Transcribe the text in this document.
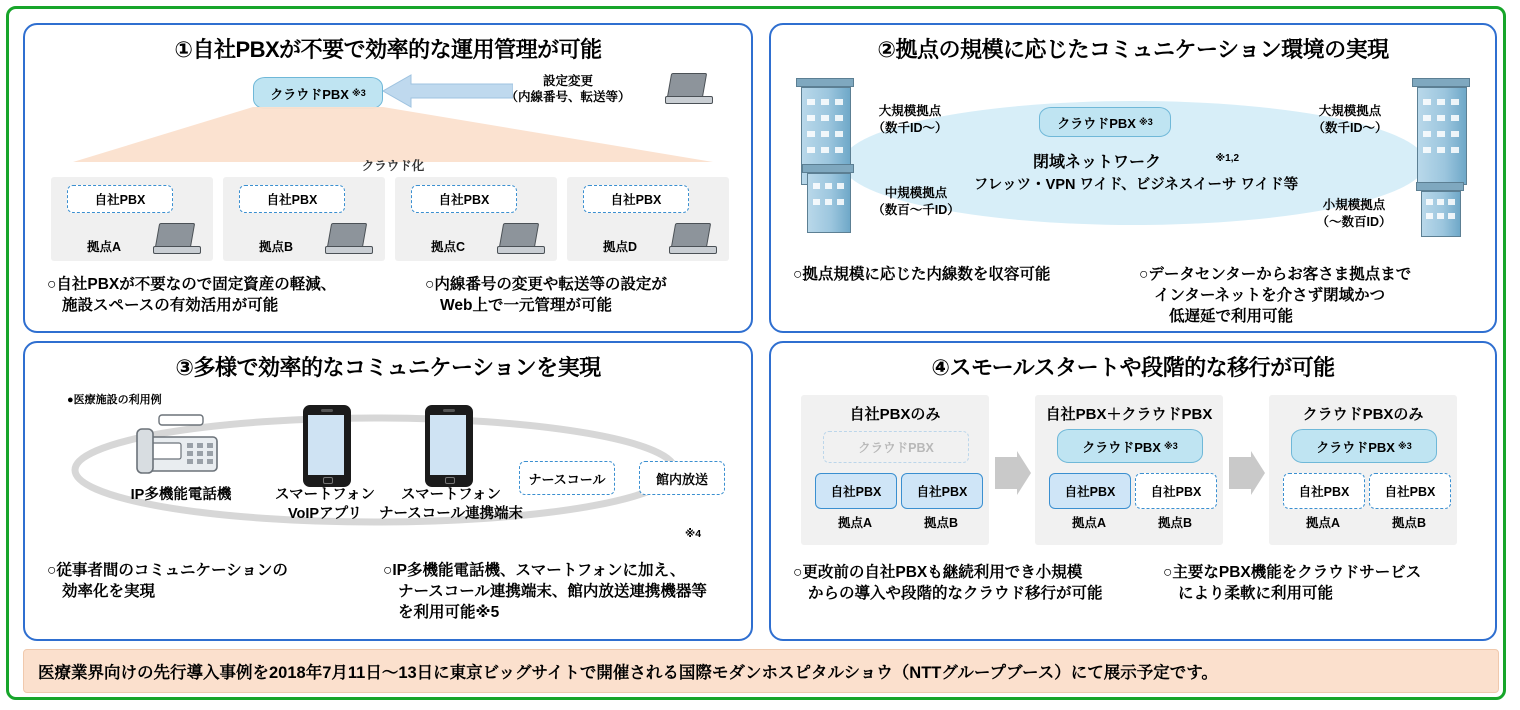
①自社PBXが不要で効率的な運用管理が可能
クラウドPBX ※3
設定変更
（内線番号、転送等）
クラウド化
自社PBX
拠点A
自社PBX
拠点B
自社PBX
拠点C
自社PBX
拠点D
○自社PBXが不要なので固定資産の軽減、
施設スペースの有効活用が可能
○内線番号の変更や転送等の設定が
Web上で一元管理が可能
②拠点の規模に応じたコミュニケーション環境の実現
クラウドPBX ※3
閉域ネットワーク	$^{※1,2}$
フレッツ・VPN ワイド、ビジネスイーサ ワイド等
大規模拠点
（数千ID～）
中規模拠点
（数百～千ID）
大規模拠点
（数千ID～）
小規模拠点
（～数百ID）
○拠点規模に応じた内線数を収容可能	○データセンターからお客さま拠点まで
インターネットを介さず閉域かつ
低遅延で利用可能
③多様で効率的なコミュニケーションを実現
●医療施設の利用例
IP多機能電話機	スマートフォン
VoIPアプリ
スマートフォン
ナースコール連携端末
ナースコール	館内放送
※4
○従事者間のコミュニケーションの
効率化を実現
○IP多機能電話機、スマートフォンに加え、
ナースコール連携端末、館内放送連携機器等
を利用可能※5
④スモールスタートや段階的な移行が可能
自社PBXのみ
クラウドPBX
自社PBX	自社PBX
拠点A	拠点B
自社PBX＋クラウドPBX
クラウドPBX ※3
自社PBX	自社PBX
拠点A	拠点B
クラウドPBXのみ
クラウドPBX ※3
自社PBX	自社PBX
拠点A	拠点B
○更改前の自社PBXも継続利用でき小規模
からの導入や段階的なクラウド移行が可能
○主要なPBX機能をクラウドサービス
により柔軟に利用可能
医療業界向けの先行導入事例を2018年7月11日～13日に東京ビッグサイトで開催される国際モダンホスピタルショウ（NTTグループブース）にて展示予定です。
